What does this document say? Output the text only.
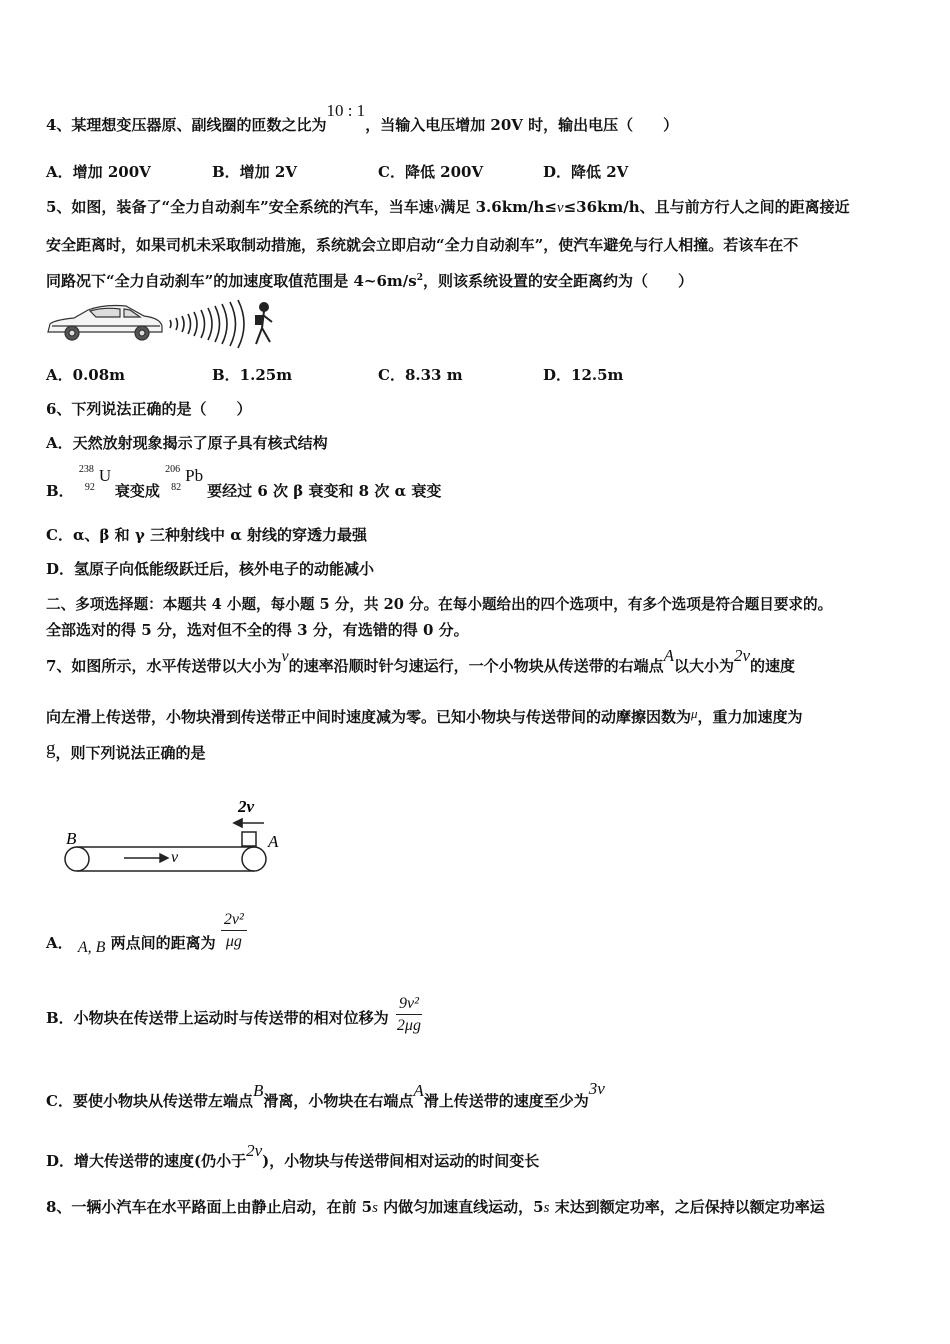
4、某理想变压器原、副线圈的匝数之比为10 : 1，当输入电压增加 20V 时，输出电压（　　）
A．增加 200V	B．增加 2V	C．降低 200V	D．降低 2V
5、如图，装备了“全力自动刹车”安全系统的汽车，当车速v满足 3.6km/h≤v≤36km/h、且与前方行人之间的距离接近
安全距离时，如果司机未采取制动措施，系统就会立即启动“全力自动刹车”，使汽车避免与行人相撞。若该车在不
同路况下“全力自动刹车”的加速度取值范围是 $4\sim 6m/s^2$，则该系统设置的安全距离约为（　　）
A．0.08m	B．1.25m	C．8.33 m	D．12.5m
6、下列说法正确的是（　　）
A．天然放射现象揭示了原子具有核式结构
B．
238
92
U
衰变成
206
82
Pb
要经过 6 次 β 衰变和 8 次 α 衰变
C．α、β 和 γ 三种射线中 α 射线的穿透力最强
D．氢原子向低能级跃迁后，核外电子的动能减小
二、多项选择题：本题共 4 小题，每小题 5 分，共 20 分。在每小题给出的四个选项中，有多个选项是符合题目要求的。
全部选对的得 5 分，选对但不全的得 3 分，有选错的得 0 分。
7、如图所示，水平传送带以大小为v的速率沿顺时针匀速运行，一个小物块从传送带的右端点A以大小为2v的速度
向左滑上传送带，小物块滑到传送带正中间时速度减为零。已知小物块与传送带间的动摩擦因数为μ，重力加速度为
g，则下列说法正确的是
2v
B	A
v
A． A, B 两点间的距离为 $\frac{\text{2v²}}{\mu g}$
B．小物块在传送带上运动时与传送带的相对位移为 $\frac{\text{9v²}}{2\mu g}$
C．要使小物块从传送带左端点B滑离，小物块在右端点A滑上传送带的速度至少为3v
D．增大传送带的速度(仍小于2v)，小物块与传送带间相对运动的时间变长
8、一辆小汽车在水平路面上由静止启动，在前 5s 内做匀加速直线运动，5s 末达到额定功率，之后保持以额定功率运
